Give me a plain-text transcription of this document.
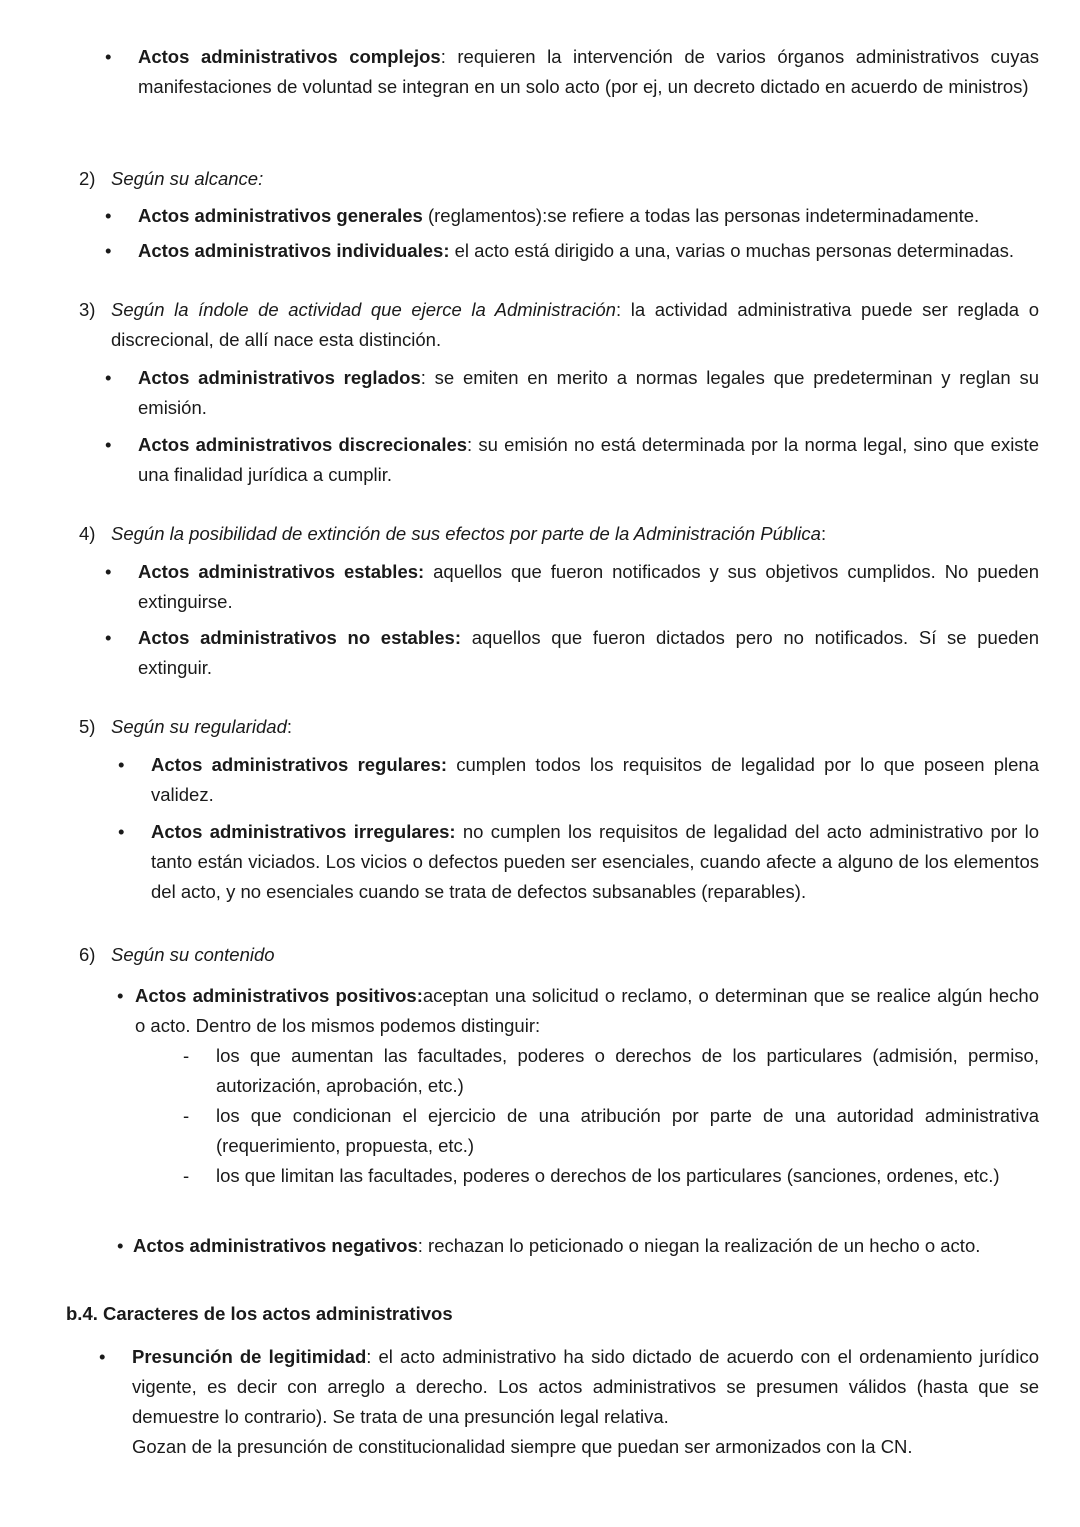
• Actos administrativos complejos: requieren la intervención de varios órganos administrativos cuyas manifestaciones de voluntad se integran en un solo acto (por ej, un decreto dictado en acuerdo de ministros)
2) Según su alcance:
• Actos administrativos generales (reglamentos):se refiere a todas las personas indeterminadamente.
• Actos administrativos individuales: el acto está dirigido a una, varias o muchas personas determinadas.
3) Según la índole de actividad que ejerce la Administración: la actividad administrativa puede ser reglada o discrecional, de allí nace esta distinción.
• Actos administrativos reglados: se emiten en merito a normas legales que predeterminan y reglan su emisión.
• Actos administrativos discrecionales: su emisión no está determinada por la norma legal, sino que existe una finalidad jurídica a cumplir.
4) Según la posibilidad de extinción de sus efectos por parte de la Administración Pública:
• Actos administrativos estables: aquellos que fueron notificados y sus objetivos cumplidos. No pueden extinguirse.
• Actos administrativos no estables: aquellos que fueron dictados pero no notificados. Sí se pueden extinguir.
5) Según su regularidad:
• Actos administrativos regulares: cumplen todos los requisitos de legalidad por lo que poseen plena validez.
• Actos administrativos irregulares: no cumplen los requisitos de legalidad del acto administrativo por lo tanto están viciados. Los vicios o defectos pueden ser esenciales, cuando afecte a alguno de los elementos del acto, y no esenciales cuando se trata de defectos subsanables (reparables).
6) Según su contenido
• Actos administrativos positivos:aceptan una solicitud o reclamo, o determinan que se realice algún hecho o acto. Dentro de los mismos podemos distinguir:
- los que aumentan las facultades, poderes o derechos de los particulares (admisión, permiso, autorización, aprobación, etc.)
- los que condicionan el ejercicio de una atribución por parte de una autoridad administrativa (requerimiento, propuesta, etc.)
- los que limitan las facultades, poderes o derechos de los particulares (sanciones, ordenes, etc.)
• Actos administrativos negativos: rechazan lo peticionado o niegan la realización de un hecho o acto.
b.4. Caracteres de los actos administrativos
• Presunción de legitimidad: el acto administrativo ha sido dictado de acuerdo con el ordenamiento jurídico vigente, es decir con arreglo a derecho. Los actos administrativos se presumen válidos (hasta que se demuestre lo contrario). Se trata de una presunción legal relativa.
Gozan de la presunción de constitucionalidad siempre que puedan ser armonizados con la CN.
